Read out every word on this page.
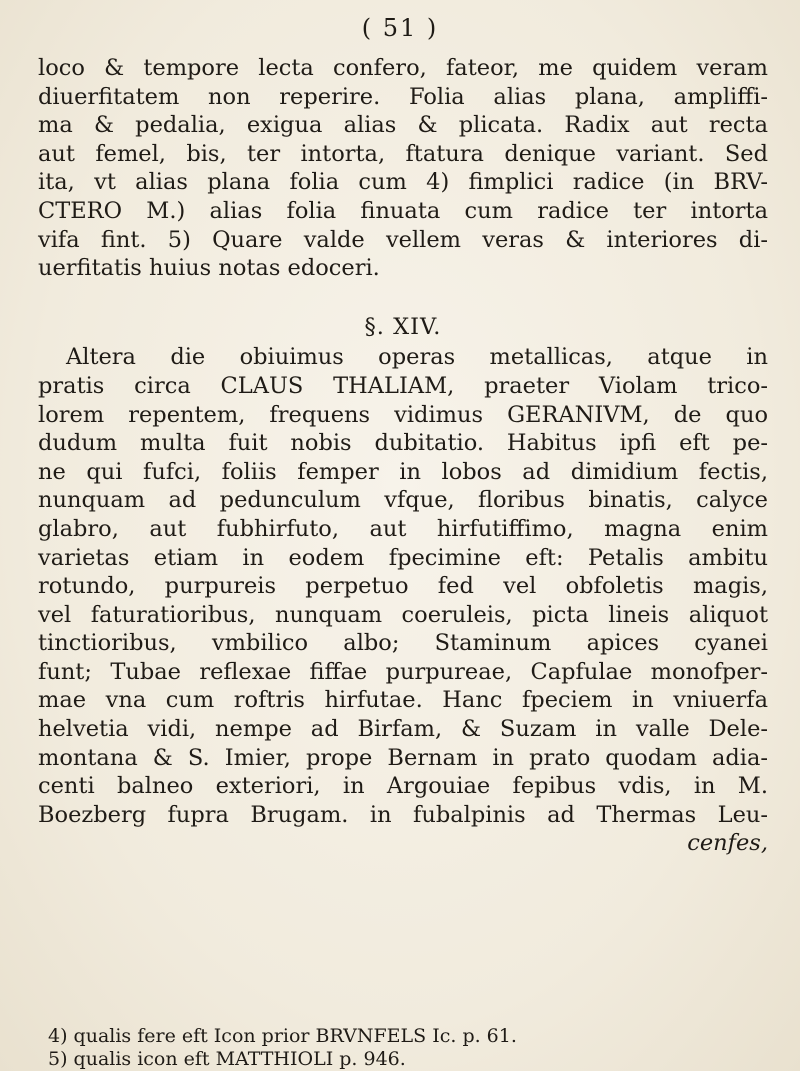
( 51 )
loco & tempore lecta confero, fateor, me quidem veram
diuerfitatem non reperire. Folia alias plana, ampliffi-
ma & pedalia, exigua alias & plicata. Radix aut recta
aut femel, bis, ter intorta, ftatura denique variant. Sed
ita, vt alias plana folia cum 4) fimplici radice (in BRV-
CTERO M.) alias folia finuata cum radice ter intorta
vifa fint. 5) Quare valde vellem veras & interiores di-
uerfitatis huius notas edoceri.
§. XIV.
Altera die obiuimus operas metallicas, atque in
pratis circa CLAUS THALIAM, praeter Violam trico-
lorem repentem, frequens vidimus GERANIVM, de quo
dudum multa fuit nobis dubitatio. Habitus ipfi eft pe-
ne qui fufci, foliis femper in lobos ad dimidium fectis,
nunquam ad pedunculum vfque, floribus binatis, calyce
glabro, aut fubhirfuto, aut hirfutiffimo, magna enim
varietas etiam in eodem fpecimine eft: Petalis ambitu
rotundo, purpureis perpetuo fed vel obfoletis magis,
vel faturatioribus, nunquam coeruleis, picta lineis aliquot
tinctioribus, vmbilico albo; Staminum apices cyanei
funt; Tubae reflexae fiffae purpureae, Capfulae monofper-
mae vna cum roftris hirfutae. Hanc fpeciem in vniuerfa
helvetia vidi, nempe ad Birfam, & Suzam in valle Dele-
montana & S. Imier, prope Bernam in prato quodam adia-
centi balneo exteriori, in Argouiae fepibus vdis, in M.
Boezberg fupra Brugam. in fubalpinis ad Thermas Leu-
cenfes,
4) qualis fere eft Icon prior BRVNFELS Ic. p. 61.
5) qualis icon eft MATTHIOLI p. 946.
